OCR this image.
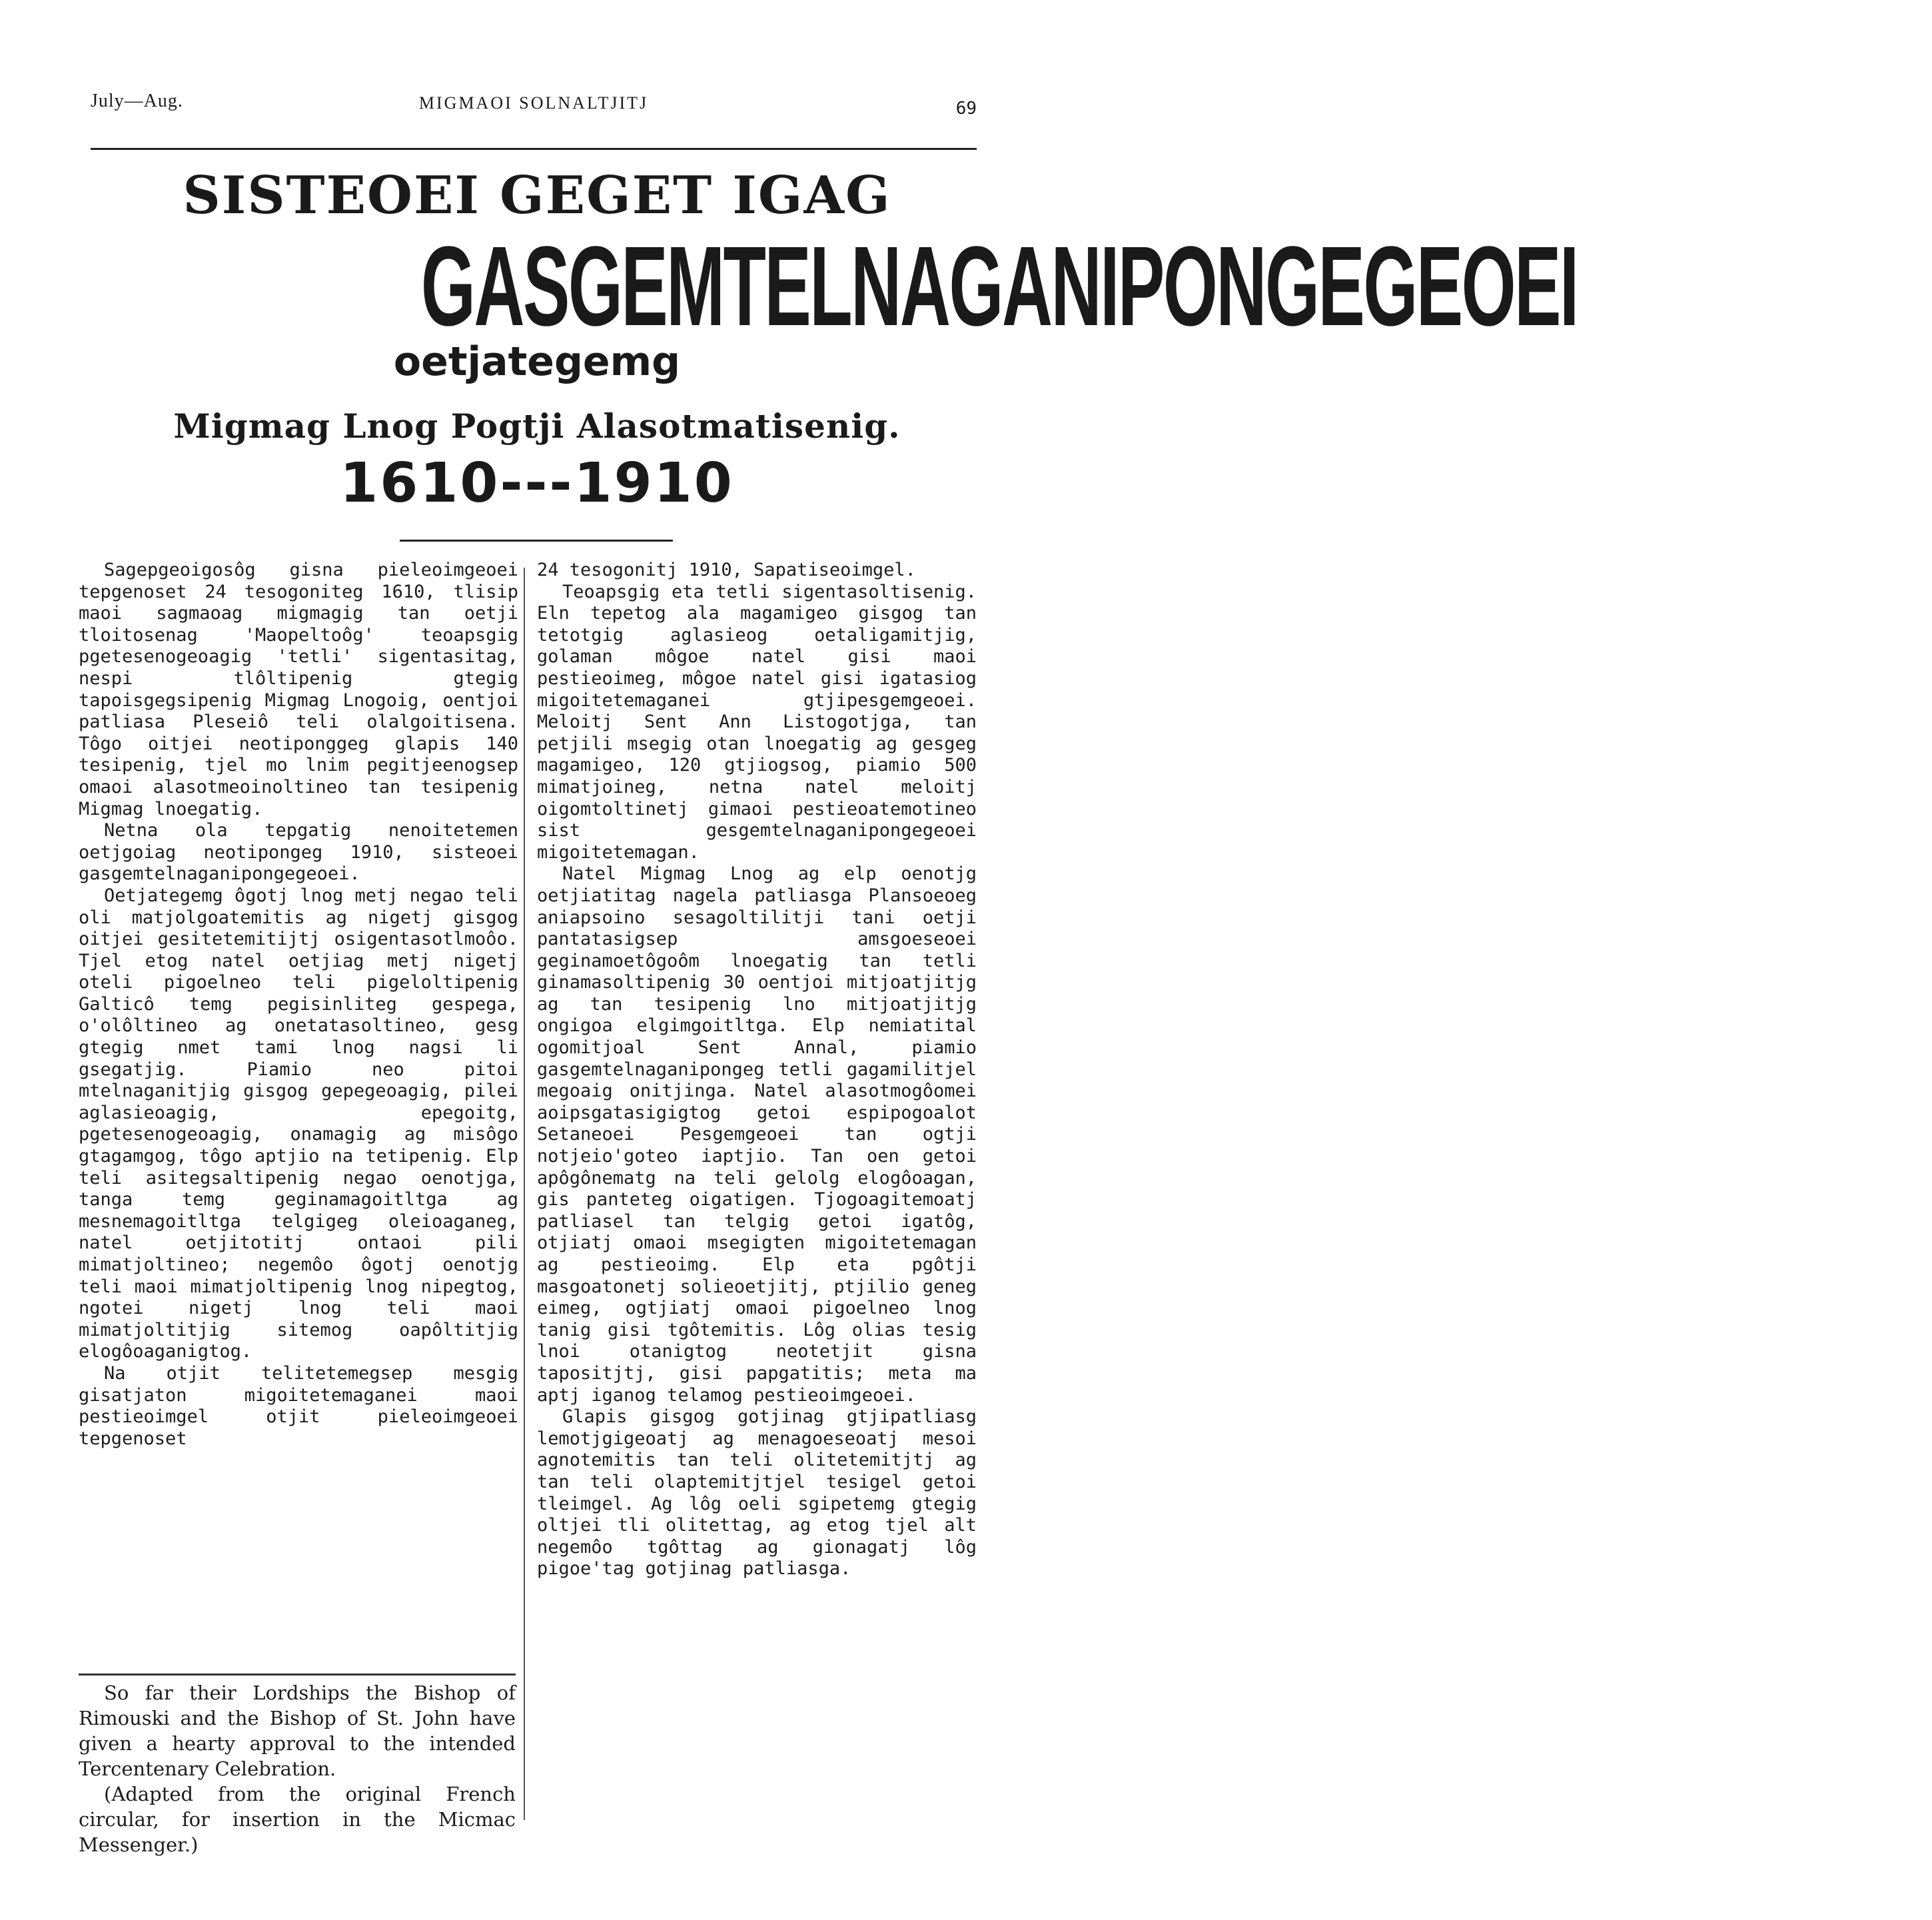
July—Aug.	MIGMAOI SOLNALTJITJ	69
SISTEOEI GEGET IGAG
GASGEMTELNAGANIPONGEGEOEI
oetjategemg
Migmag Lnog Pogtji Alasotmatisenig.
1610---1910

Sagepgeoigosôg gisna pieleoimgeoei tepgenoset 24 tesogoniteg 1610, tlisip maoi sagmaoag migmagig tan oetji tloitosenag 'Maopeltoôg' teoapsgig pgetesenogeoagig 'tetli' sigentasitag, nespi tlôltipenig gtegig tapoisgegsipenig Migmag Lnogoig, oentjoi patliasa Pleseiô teli olalgoitisena. Tôgo oitjei neotiponggeg glapis 140 tesipenig, tjel mo lnim pegitjeenogsep omaoi alasotmeoinoltineo tan tesipenig Migmag lnoegatig.

Netna ola tepgatig nenoitetemen oetjgoiag neotipongeg 1910, sisteoei gasgemtelnaganipongegeoei.

Oetjategemg ôgotj lnog metj negao teli oli matjolgoatemitis ag nigetj gisgog oitjei gesitetemitijtj osigentasotlmoôo. Tjel etog natel oetjiag metj nigetj oteli pigoelneo teli pigeloltipenig Galticô temg pegisinliteg gespega, o'olôltineo ag onetatasoltineo, gesg gtegig nmet tami lnog nagsi li gsegatjig. Piamio neo pitoi mtelnaganitjig gisgog gepegeoagig, pilei aglasieoagig, epegoitg, pgetesenogeoagig, onamagig ag misôgo gtagamgog, tôgo aptjio na tetipenig. Elp teli asitegsaltipenig negao oenotjga, tanga temg geginamagoitltga ag mesnemagoitltga telgigeg oleioaganeg, natel oetjitotitj ontaoi pili mimatjoltineo; negemôo ôgotj oenotjg teli maoi mimatjoltipenig lnog nipegtog, ngotei nigetj lnog teli maoi mimatjoltitjig sitemog oapôltitjig elogôoaganigtog.

Na otjit telitetemegsep mesgig gisatjaton migoitetemaganei maoi pestieoimgel otjit pieleoimgeoei tepgenoset

24 tesogonitj 1910, Sapatiseoimgel.

Teoapsgig eta tetli sigentasoltisenig. Eln tepetog ala magamigeo gisgog tan tetotgig aglasieog oetaligamitjig, golaman môgoe natel gisi maoi pestieoimeg, môgoe natel gisi igatasiog migoitetemaganei gtjipesgemgeoei. Meloitj Sent Ann Listogotjga, tan petjili msegig otan lnoegatig ag gesgeg magamigeo, 120 gtjiogsog, piamio 500 mimatjoineg, netna natel meloitj oigomtoltinetj gimaoi pestieoatemotineo sist gesgemtelnaganipongegeoei migoitetemagan.

Natel Migmag Lnog ag elp oenotjg oetjiatitag nagela patliasga Plansoeoeg aniapsoino sesagoltilitji tani oetji pantatasigsep amsgoeseoei geginamoetôgoôm lnoegatig tan tetli ginamasoltipenig 30 oentjoi mitjoatjitjg ag tan tesipenig lno mitjoatjitjg ongigoa elgimgoitltga. Elp nemiatital ogomitjoal Sent Annal, piamio gasgemtelnaganipongeg tetli gagamilitjel megoaig onitjinga. Natel alasotmogôomei aoipsgatasigigtog getoi espipogoalot Setaneoei Pesgemgeoei tan ogtji notjeio'goteo iaptjio. Tan oen getoi apôgônematg na teli gelolg elogôoagan, gis panteteg oigatigen. Tjogoagitemoatj patliasel tan telgig getoi igatôg, otjiatj omaoi msegigten migoitetemagan ag pestieoimg. Elp eta pgôtji masgoatonetj solieoetjitj, ptjilio geneg eimeg, ogtjiatj omaoi pigoelneo lnog tanig gisi tgôtemitis. Lôg olias tesig lnoi otanigtog neotetjit gisna tapositjtj, gisi papgatitis; meta ma aptj iganog telamog pestieoimgeoei.

Glapis gisgog gotjinag gtjipatliasg lemotjgigeoatj ag menagoeseoatj mesoi agnotemitis tan teli olitetemitjtj ag tan teli olaptemitjtjel tesigel getoi tleimgel. Ag lôg oeli sgipetemg gtegig oltjei tli olitettag, ag etog tjel alt negemôo tgôttag ag gionagatj lôg pigoe'tag gotjinag patliasga.

So far their Lordships the Bishop of Rimouski and the Bishop of St. John have given a hearty approval to the intended Tercentenary Celebration.

(Adapted from the original French circular, for insertion in the Micmac Messenger.)
